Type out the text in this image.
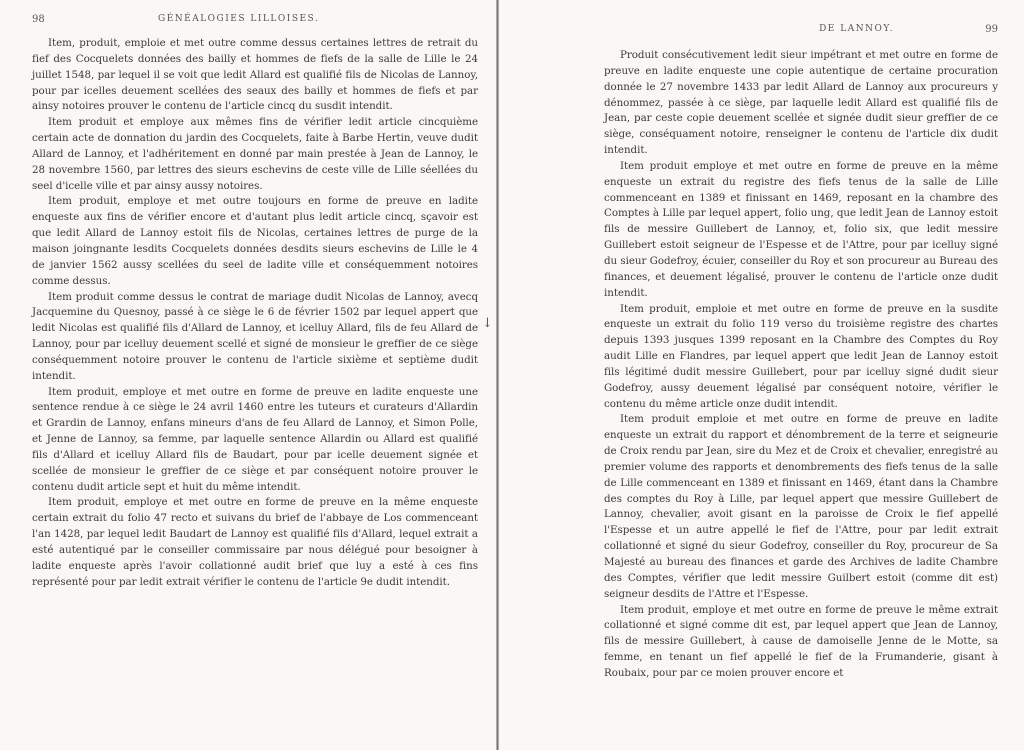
98	GÉNÉALOGIES LILLOISES.

Item, produit, emploie et met outre comme dessus certaines lettres de retrait du fief des Cocquelets données des bailly et hommes de fiefs de la salle de Lille le 24 juillet 1548, par lequel il se voit que ledit Allard est qualifié fils de Nicolas de Lannoy, pour par icelles deuement scellées des seaux des bailly et hommes de fiefs et par ainsy notoires prouver le contenu de l'article cincq du susdit intendit.

Item produit et employe aux mêmes fins de vérifier ledit article cincquième certain acte de donnation du jardin des Cocquelets, faite à Barbe Hertin, veuve dudit Allard de Lannoy, et l'adhéritement en donné par main prestée à Jean de Lannoy, le 28 novembre 1560, par lettres des sieurs eschevins de ceste ville de Lille séellées du seel d'icelle ville et par ainsy aussy notoires.

Item produit, employe et met outre toujours en forme de preuve en ladite enqueste aux fins de vérifier encore et d'autant plus ledit article cincq, sçavoir est que ledit Allard de Lannoy estoit fils de Nicolas, certaines lettres de purge de la maison joingnante lesdits Cocquelets données desdits sieurs eschevins de Lille le 4 de janvier 1562 aussy scellées du seel de ladite ville et conséquemment notoires comme dessus.

Item produit comme dessus le contrat de mariage dudit Nicolas de Lannoy, avecq Jacquemine du Quesnoy, passé à ce siège le 6 de février 1502 par lequel appert que ledit Nicolas est qualifié fils d'Allard de Lannoy, et icelluy Allard, fils de feu Allard de Lannoy, pour par icelluy deuement scellé et signé de monsieur le greffier de ce siège conséquemment notoire prouver le contenu de l'article sixième et septième dudit intendit.

Item produit, employe et met outre en forme de preuve en ladite enqueste une sentence rendue à ce siège le 24 avril 1460 entre les tuteurs et curateurs d'Allardin et Grardin de Lannoy, enfans mineurs d'ans de feu Allard de Lannoy, et Simon Polle, et Jenne de Lannoy, sa femme, par laquelle sentence Allardin ou Allard est qualifié fils d'Allard et icelluy Allard fils de Baudart, pour par icelle deuement signée et scellée de monsieur le greffier de ce siège et par conséquent notoire prouver le contenu dudit article sept et huit du même intendit.

Item produit, employe et met outre en forme de preuve en la même enqueste certain extrait du folio 47 recto et suivans du brief de l'abbaye de Los commenceant l'an 1428, par lequel ledit Baudart de Lannoy est qualifié fils d'Allard, lequel extrait a esté autentiqué par le conseiller commissaire par nous délégué pour besoigner à ladite enqueste après l'avoir collationné audit brief que luy a esté à ces fins représenté pour par ledit extrait vérifier le contenu de l'article 9e dudit intendit.

↓
DE LANNOY.	99

Produit consécutivement ledit sieur impétrant et met outre en forme de preuve en ladite enqueste une copie autentique de certaine procuration donnée le 27 novembre 1433 par ledit Allard de Lannoy aux procureurs y dénommez, passée à ce siège, par laquelle ledit Allard est qualifié fils de Jean, par ceste copie deuement scellée et signée dudit sieur greffier de ce siège, conséquament notoire, renseigner le contenu de l'article dix dudit intendit.

Item produit employe et met outre en forme de preuve en la même enqueste un extrait du registre des fiefs tenus de la salle de Lille commenceant en 1389 et finissant en 1469, reposant en la chambre des Comptes à Lille par lequel appert, folio ung, que ledit Jean de Lannoy estoit fils de messire Guillebert de Lannoy, et, folio six, que ledit messire Guillebert estoit seigneur de l'Espesse et de l'Attre, pour par icelluy signé du sieur Godefroy, écuier, conseiller du Roy et son procureur au Bureau des finances, et deuement légalisé, prouver le contenu de l'article onze dudit intendit.

Item produit, emploie et met outre en forme de preuve en la susdite enqueste un extrait du folio 119 verso du troisième registre des chartes depuis 1393 jusques 1399 reposant en la Chambre des Comptes du Roy audit Lille en Flandres, par lequel appert que ledit Jean de Lannoy estoit fils légitimé dudit messire Guillebert, pour par icelluy signé dudit sieur Godefroy, aussy deuement légalisé par conséquent notoire, vérifier le contenu du même article onze dudit intendit.

Item produit emploie et met outre en forme de preuve en ladite enqueste un extrait du rapport et dénombrement de la terre et seigneurie de Croix rendu par Jean, sire du Mez et de Croix et chevalier, enregistré au premier volume des rapports et denombrements des fiefs tenus de la salle de Lille commenceant en 1389 et finissant en 1469, étant dans la Chambre des comptes du Roy à Lille, par lequel appert que messire Guillebert de Lannoy, chevalier, avoit gisant en la paroisse de Croix le fief appellé l'Espesse et un autre appellé le fief de l'Attre, pour par ledit extrait collationné et signé du sieur Godefroy, conseiller du Roy, procureur de Sa Majesté au bureau des finances et garde des Archives de ladite Chambre des Comptes, vérifier que ledit messire Guilbert estoit (comme dit est) seigneur desdits de l'Attre et l'Espesse.

Item produit, employe et met outre en forme de preuve le même extrait collationné et signé comme dit est, par lequel appert que Jean de Lannoy, fils de messire Guillebert, à cause de damoiselle Jenne de le Motte, sa femme, en tenant un fief appellé le fief de la Frumanderie, gisant à Roubaix, pour par ce moien prouver encore et
